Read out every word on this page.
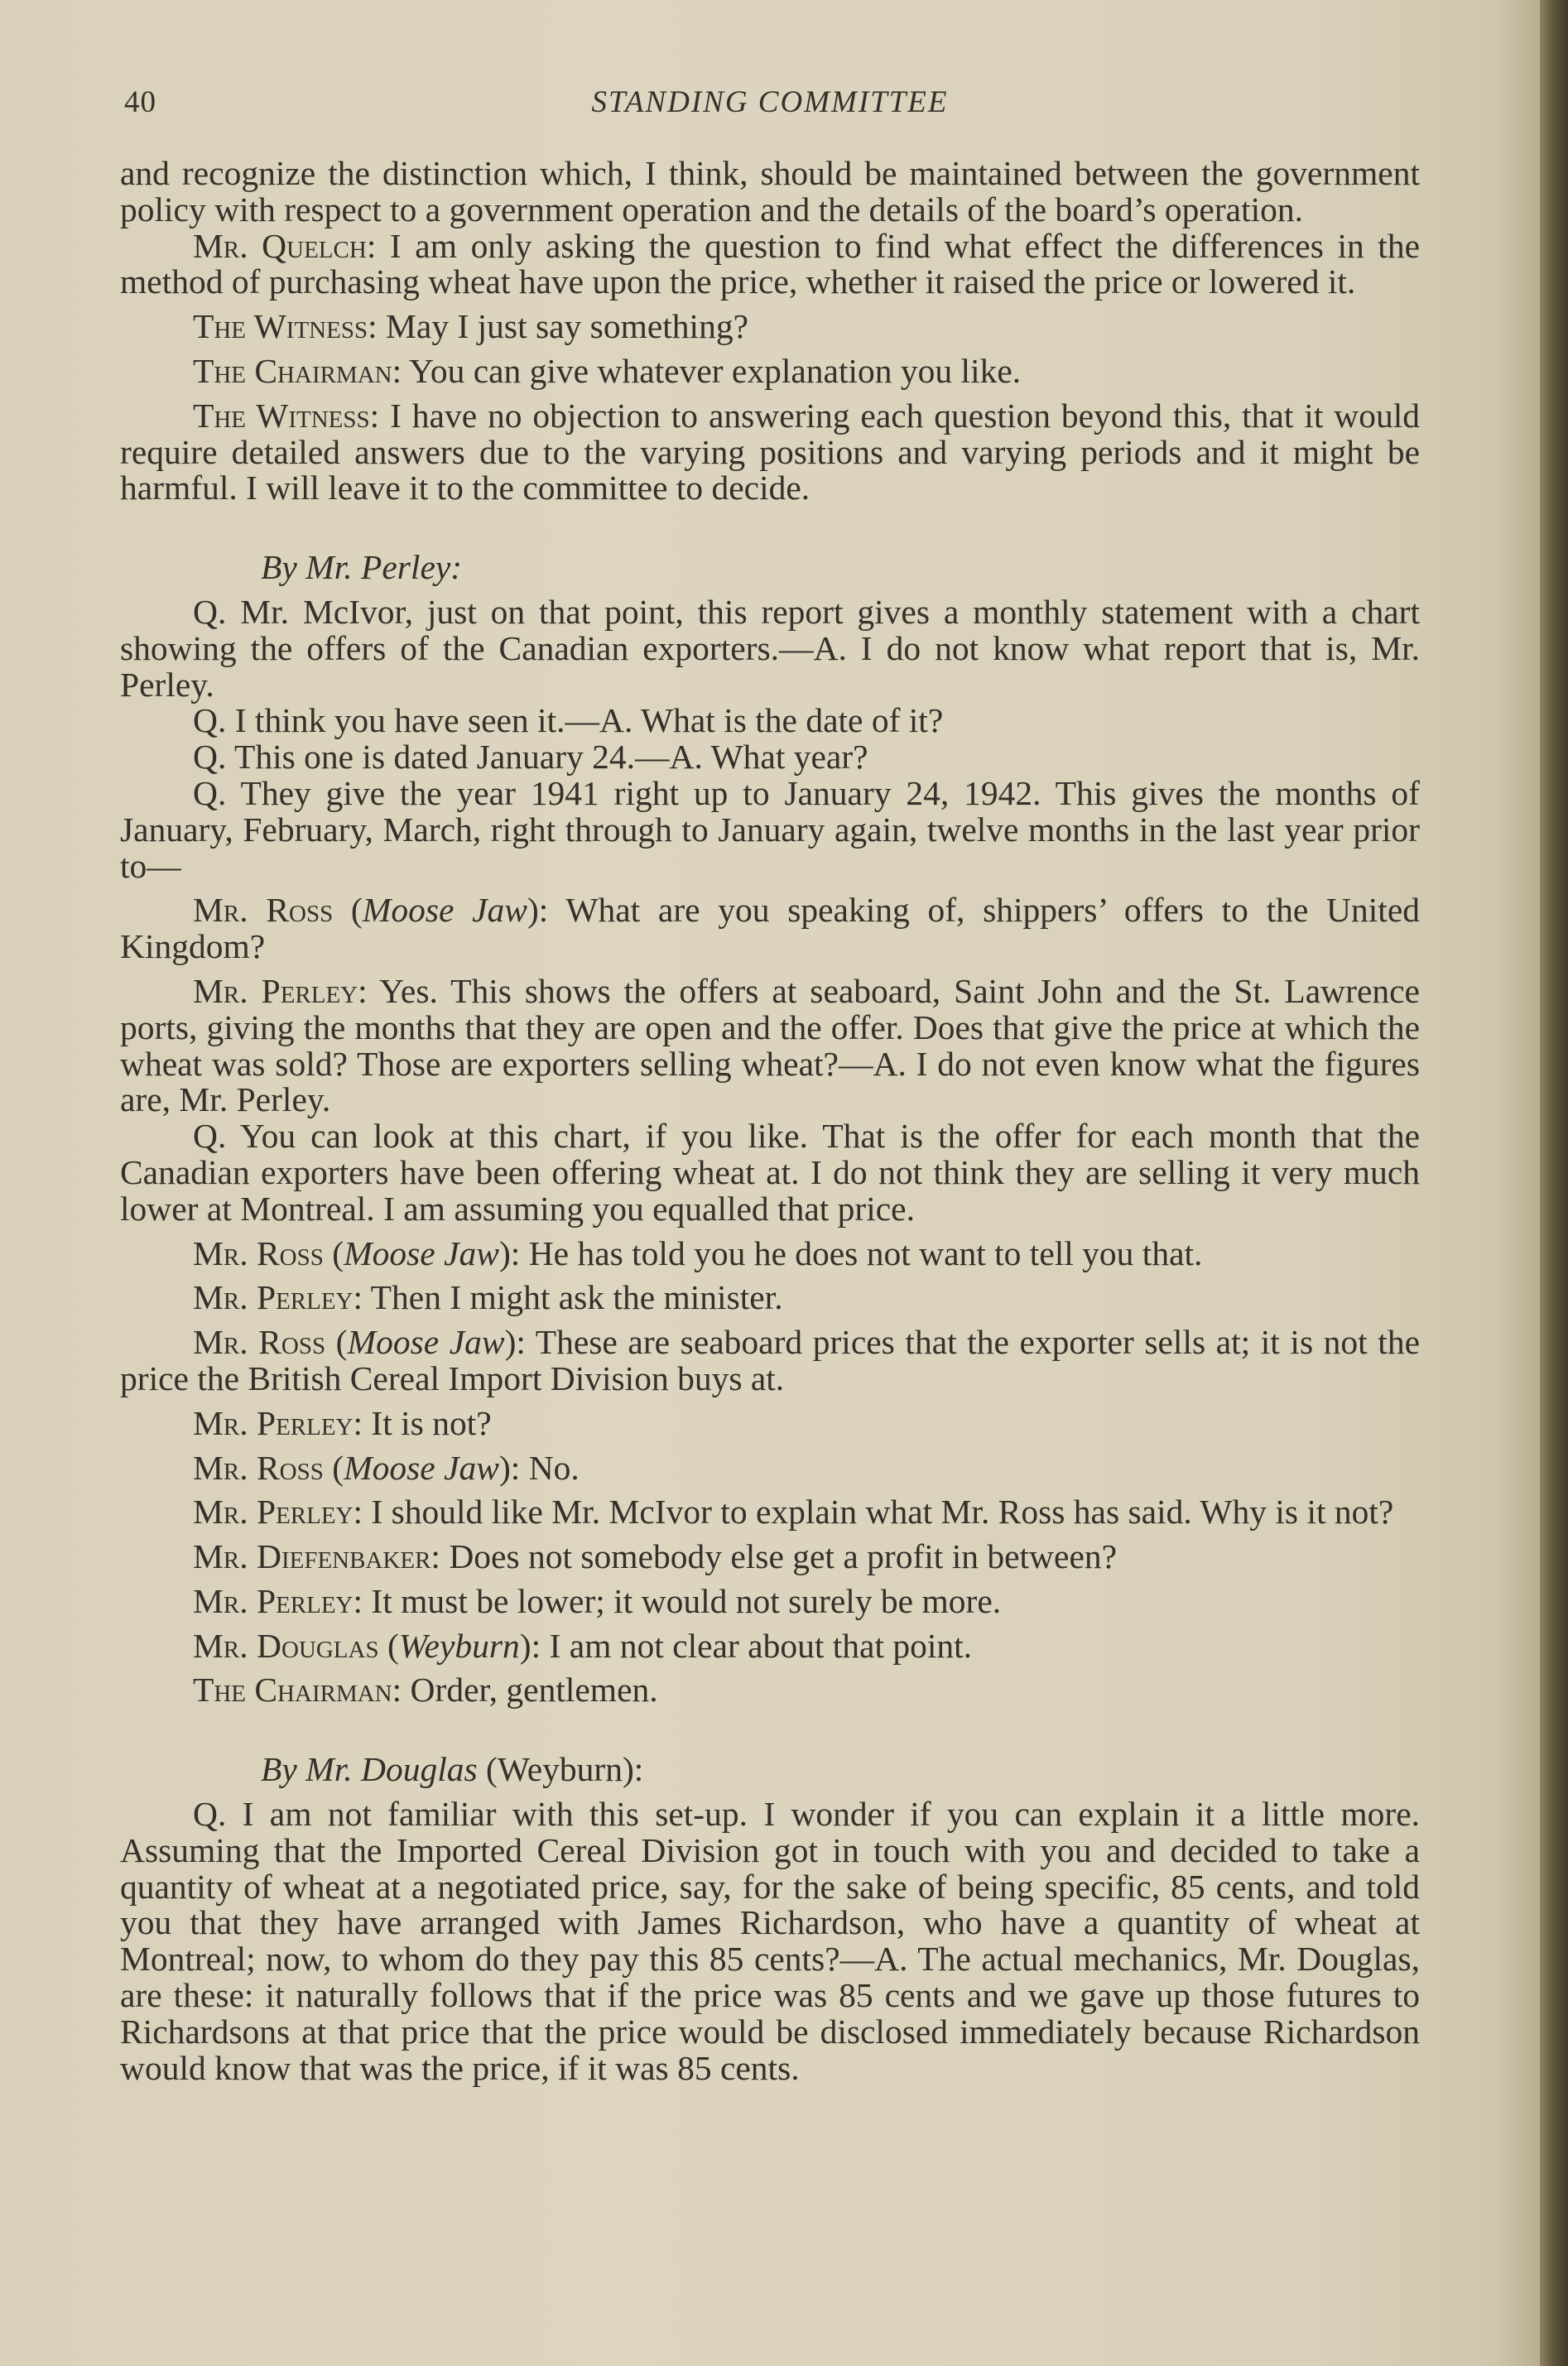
40	STANDING COMMITTEE

and recognize the distinction which, I think, should be maintained between the government policy with respect to a government operation and the details of the board’s operation.

Mr. Quelch: I am only asking the question to find what effect the differences in the method of purchasing wheat have upon the price, whether it raised the price or lowered it.

The Witness: May I just say something?

The Chairman: You can give whatever explanation you like.

The Witness: I have no objection to answering each question beyond this, that it would require detailed answers due to the varying positions and varying periods and it might be harmful. I will leave it to the committee to decide.

By Mr. Perley:

Q. Mr. McIvor, just on that point, this report gives a monthly statement with a chart showing the offers of the Canadian exporters.—A. I do not know what report that is, Mr. Perley.

Q. I think you have seen it.—A. What is the date of it?

Q. This one is dated January 24.—A. What year?

Q. They give the year 1941 right up to January 24, 1942. This gives the months of January, February, March, right through to January again, twelve months in the last year prior to—

Mr. Ross (Moose Jaw): What are you speaking of, shippers’ offers to the United Kingdom?

Mr. Perley: Yes. This shows the offers at seaboard, Saint John and the St. Lawrence ports, giving the months that they are open and the offer. Does that give the price at which the wheat was sold? Those are exporters selling wheat?—A. I do not even know what the figures are, Mr. Perley.

Q. You can look at this chart, if you like. That is the offer for each month that the Canadian exporters have been offering wheat at. I do not think they are selling it very much lower at Montreal. I am assuming you equalled that price.

Mr. Ross (Moose Jaw): He has told you he does not want to tell you that.

Mr. Perley: Then I might ask the minister.

Mr. Ross (Moose Jaw): These are seaboard prices that the exporter sells at; it is not the price the British Cereal Import Division buys at.

Mr. Perley: It is not?

Mr. Ross (Moose Jaw): No.

Mr. Perley: I should like Mr. McIvor to explain what Mr. Ross has said. Why is it not?

Mr. Diefenbaker: Does not somebody else get a profit in between?

Mr. Perley: It must be lower; it would not surely be more.

Mr. Douglas (Weyburn): I am not clear about that point.

The Chairman: Order, gentlemen.

By Mr. Douglas (Weyburn):

Q. I am not familiar with this set-up. I wonder if you can explain it a little more. Assuming that the Imported Cereal Division got in touch with you and decided to take a quantity of wheat at a negotiated price, say, for the sake of being specific, 85 cents, and told you that they have arranged with James Richardson, who have a quantity of wheat at Montreal; now, to whom do they pay this 85 cents?—A. The actual mechanics, Mr. Douglas, are these: it naturally follows that if the price was 85 cents and we gave up those futures to Richardsons at that price that the price would be disclosed immediately because Richardson would know that was the price, if it was 85 cents.
